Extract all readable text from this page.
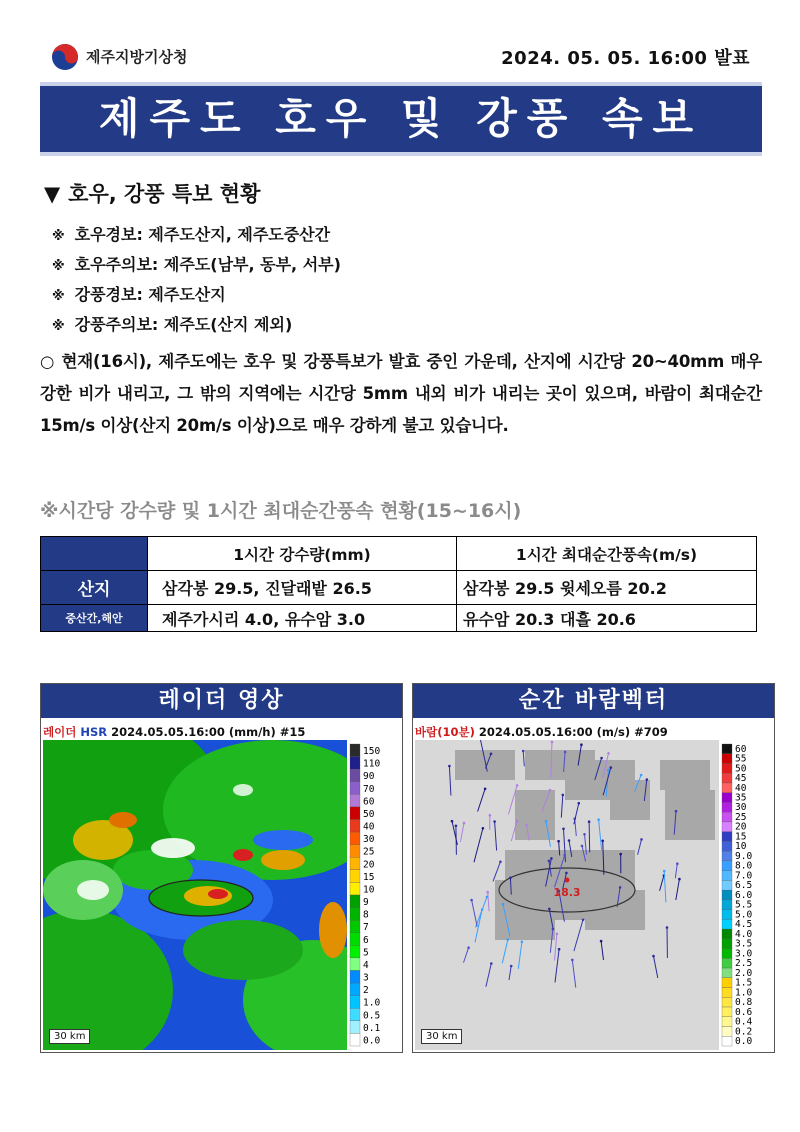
제주지방기상청	2024. 05. 05. 16:00 발표
제주도 호우 및 강풍 속보
▼ 호우, 강풍 특보 현황
※ 호우경보: 제주도산지, 제주도중산간
※ 호우주의보: 제주도(남부, 동부, 서부)
※ 강풍경보: 제주도산지
※ 강풍주의보: 제주도(산지 제외)
○ 현재(16시), 제주도에는 호우 및 강풍특보가 발효 중인 가운데, 산지에 시간당 20~40mm 매우 강한 비가 내리고, 그 밖의 지역에는 시간당 5mm 내외 비가 내리는 곳이 있으며, 바람이 최대순간 15m/s 이상(산지 20m/s 이상)으로 매우 강하게 불고 있습니다.
※시간당 강수량 및 1시간 최대순간풍속 현황(15~16시)
	1시간 강수량(mm)	1시간 최대순간풍속(m/s)
산지	삼각봉 29.5, 진달래밭 26.5	삼각봉 29.5 윗세오름 20.2
중산간,해안	제주가시리 4.0, 유수암 3.0	유수암 20.3 대흘 20.6
레이더 영상
레이더 HSR 2024.05.05.16:00 (mm/h) #15
30 km
150
110
90
70
60
50
40
30
25
20
15
10
9
8
7
6
5
4
3
2
1.0
0.5
0.1
0.0
순간 바람벡터
바람(10분) 2024.05.05.16:00 (m/s) #709
18.3
30 km
60
55
50
45
40
35
30
25
20
15
10
9.0
8.0
7.0
6.5
6.0
5.5
5.0
4.5
4.0
3.5
3.0
2.5
2.0
1.5
1.0
0.8
0.6
0.4
0.2
0.0
